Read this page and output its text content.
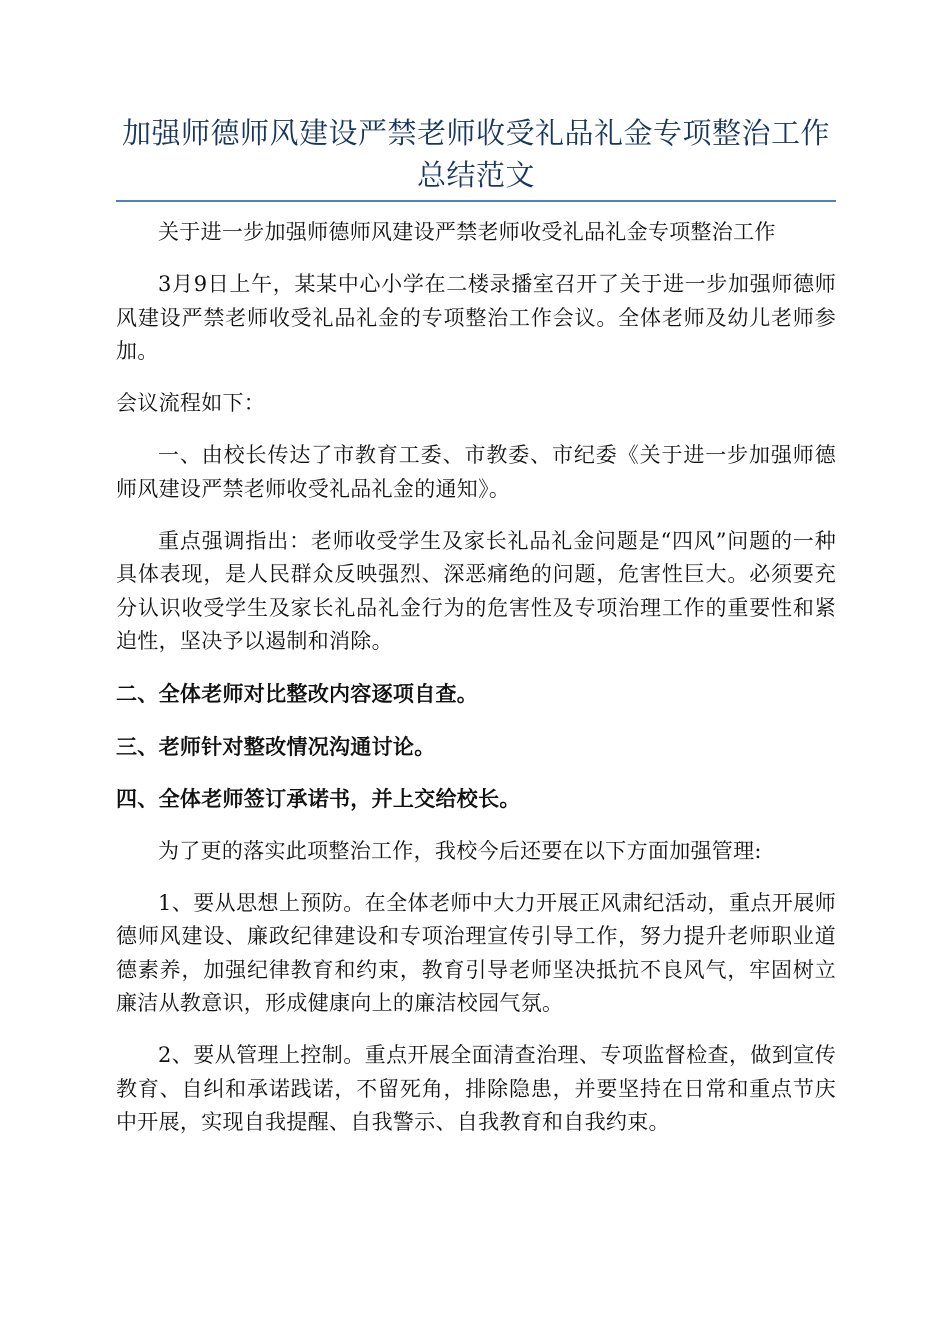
加强师德师风建设严禁老师收受礼品礼金专项整治工作
总结范文

关于进一步加强师德师风建设严禁老师收受礼品礼金专项整治工作

3月9日上午，某某中心小学在二楼录播室召开了关于进一步加强师德师风建设严禁老师收受礼品礼金的专项整治工作会议。全体老师及幼儿老师参加。

会议流程如下：

一、由校长传达了市教育工委、市教委、市纪委《关于进一步加强师德师风建设严禁老师收受礼品礼金的通知》。

重点强调指出：老师收受学生及家长礼品礼金问题是“四风”问题的一种具体表现，是人民群众反映强烈、深恶痛绝的问题，危害性巨大。必须要充分认识收受学生及家长礼品礼金行为的危害性及专项治理工作的重要性和紧迫性，坚决予以遏制和消除。

二、全体老师对比整改内容逐项自查。

三、老师针对整改情况沟通讨论。

四、全体老师签订承诺书，并上交给校长。

为了更的落实此项整治工作，我校今后还要在以下方面加强管理:

1、要从思想上预防。在全体老师中大力开展正风肃纪活动，重点开展师德师风建设、廉政纪律建设和专项治理宣传引导工作，努力提升老师职业道德素养，加强纪律教育和约束，教育引导老师坚决抵抗不良风气，牢固树立廉洁从教意识，形成健康向上的廉洁校园气氛。

2、要从管理上控制。重点开展全面清查治理、专项监督检查，做到宣传教育、自纠和承诺践诺，不留死角，排除隐患，并要坚持在日常和重点节庆中开展，实现自我提醒、自我警示、自我教育和自我约束。
